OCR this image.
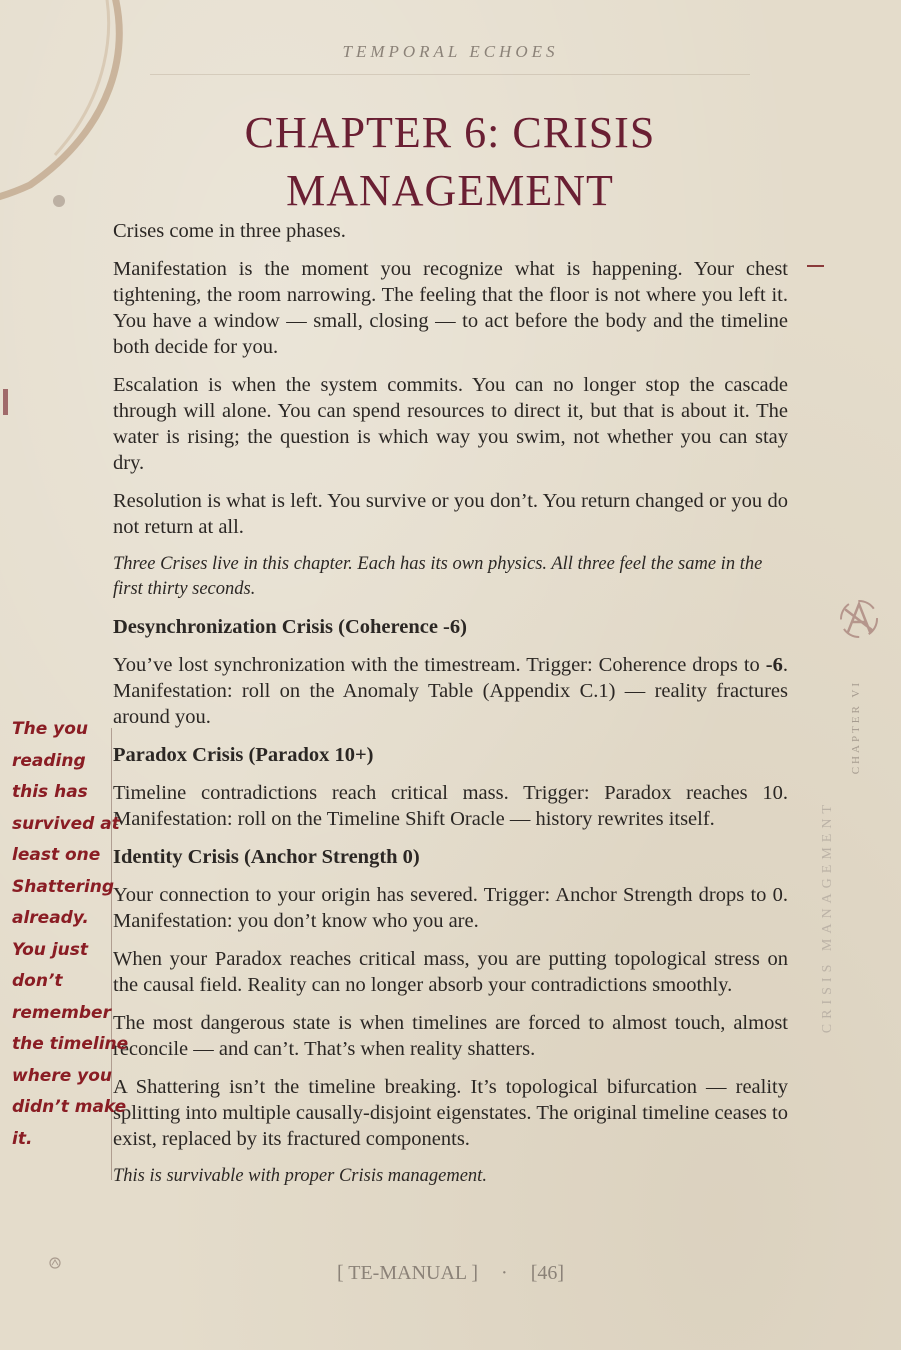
TEMPORAL ECHOES
CHAPTER 6: CRISIS MANAGEMENT

Crises come in three phases.

Manifestation is the moment you recognize what is happening. Your chest tightening, the room narrowing. The feeling that the floor is not where you left it. You have a window — small, closing — to act before the body and the timeline both decide for you.

Escalation is when the system commits. You can no longer stop the cascade through will alone. You can spend resources to direct it, but that is about it. The water is rising; the question is which way you swim, not whether you can stay dry.

Resolution is what is left. You survive or you don’t. You return changed or you do not return at all.

Three Crises live in this chapter. Each has its own physics. All three feel the same in the first thirty seconds.

Desynchronization Crisis (Coherence -6)

You’ve lost synchronization with the timestream. Trigger: Coherence drops to -6. Manifestation: roll on the Anomaly Table (Appendix C.1) — reality fractures around you.

Paradox Crisis (Paradox 10+)

Timeline contradictions reach critical mass. Trigger: Paradox reaches 10. Manifestation: roll on the Timeline Shift Oracle — history rewrites itself.

Identity Crisis (Anchor Strength 0)

Your connection to your origin has severed. Trigger: Anchor Strength drops to 0. Manifestation: you don’t know who you are.

When your Paradox reaches critical mass, you are putting topological stress on the causal field. Reality can no longer absorb your contradictions smoothly.

The most dangerous state is when timelines are forced to almost touch, almost reconcile — and can’t. That’s when reality shatters.

A Shattering isn’t the timeline breaking. It’s topological bifurcation — reality splitting into multiple causally-disjoint eigenstates. The original timeline ceases to exist, replaced by its fractured components.

This is survivable with proper Crisis management.

The you
reading
this has
survived at
least one
Shattering
already.
You just
don’t
remember
the timeline
where you
didn’t make
it.
CHAPTER VI
CRISIS MANAGEMENT
[ TE-MANUAL ] · [46]
